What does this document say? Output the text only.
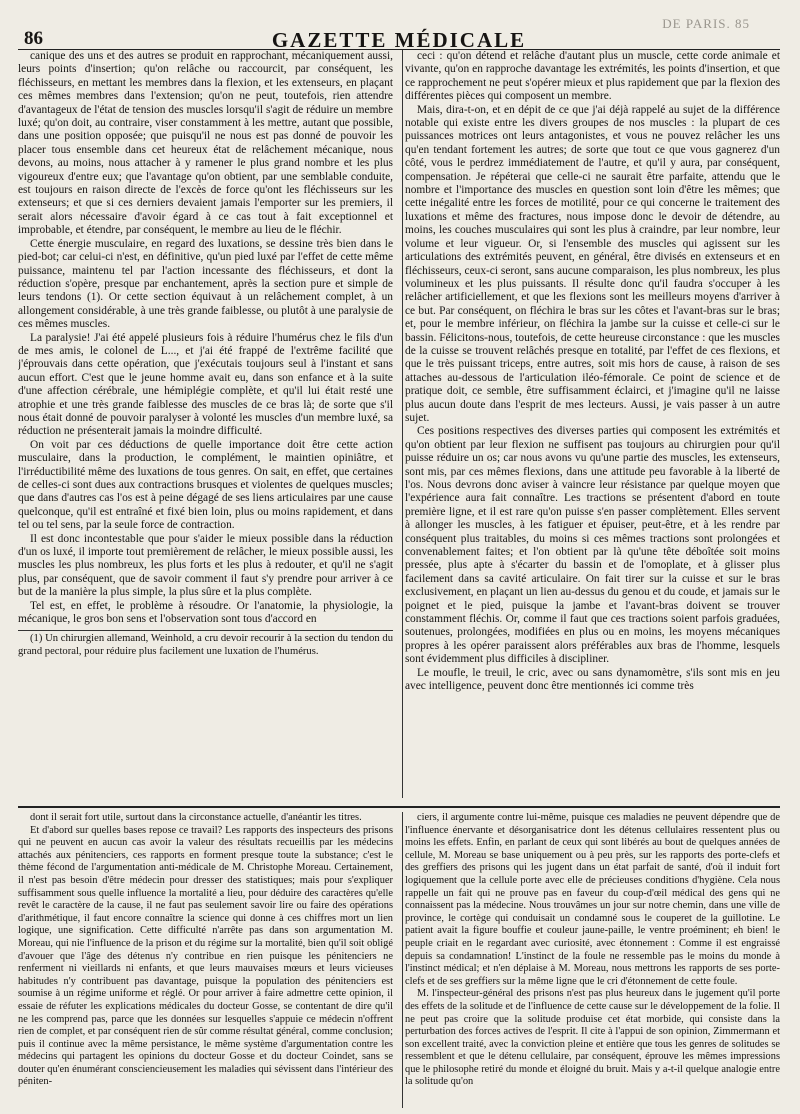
86	GAZETTE MÉDICALE
DE PARIS. 85

canique des uns et des autres se produit en rapprochant, mécaniquement aussi, leurs points d'insertion; qu'on relâche ou raccourcit, par conséquent, les fléchisseurs, en mettant les membres dans la flexion, et les extenseurs, en plaçant ces mêmes membres dans l'extension; qu'on ne peut, toutefois, rien attendre d'avantageux de l'état de tension des muscles lorsqu'il s'agit de réduire un membre luxé; qu'on doit, au contraire, viser constamment à les mettre, autant que possible, dans une position opposée; que puisqu'il ne nous est pas donné de pouvoir les placer tous ensemble dans cet heureux état de relâchement mécanique, nous devons, au moins, nous attacher à y ramener le plus grand nombre et les plus vigoureux d'entre eux; que l'avantage qu'on obtient, par une semblable conduite, est toujours en raison directe de l'excès de force qu'ont les fléchisseurs sur les extenseurs; et que si ces derniers devaient jamais l'emporter sur les premiers, il serait alors nécessaire d'avoir égard à ce cas tout à fait exceptionnel et improbable, et étendre, par conséquent, le membre au lieu de le fléchir.

Cette énergie musculaire, en regard des luxations, se dessine très bien dans le pied-bot; car celui-ci n'est, en définitive, qu'un pied luxé par l'effet de cette même puissance, maintenu tel par l'action incessante des fléchisseurs, et dont la réduction s'opère, presque par enchantement, après la section pure et simple de leurs tendons (1). Or cette section équivaut à un relâchement complet, à un allongement considérable, à une très grande faiblesse, ou plutôt à une paralysie de ces mêmes muscles.

La paralysie! J'ai été appelé plusieurs fois à réduire l'humérus chez le fils d'un de mes amis, le colonel de L..., et j'ai été frappé de l'extrême facilité que j'éprouvais dans cette opération, que j'exécutais toujours seul à l'instant et sans aucun effort. C'est que le jeune homme avait eu, dans son enfance et à la suite d'une affection cérébrale, une hémiplégie complète, et qu'il lui était resté une atrophie et une très grande faiblesse des muscles de ce bras là; de sorte que s'il nous était donné de pouvoir paralyser à volonté les muscles d'un membre luxé, sa réduction ne présenterait jamais la moindre difficulté.

On voit par ces déductions de quelle importance doit être cette action musculaire, dans la production, le complément, le maintien opiniâtre, et l'irréductibilité même des luxations de tous genres. On sait, en effet, que certaines de celles-ci sont dues aux contractions brusques et violentes de quelques muscles; que dans d'autres cas l'os est à peine dégagé de ses liens articulaires par une cause quelconque, qu'il est entraîné et fixé bien loin, plus ou moins rapidement, et dans tel ou tel sens, par la seule force de contraction.

Il est donc incontestable que pour s'aider le mieux possible dans la réduction d'un os luxé, il importe tout premièrement de relâcher, le mieux possible aussi, les muscles les plus nombreux, les plus forts et les plus à redouter, et qu'il ne s'agit plus, par conséquent, que de savoir comment il faut s'y prendre pour arriver à ce but de la manière la plus simple, la plus sûre et la plus complète.

Tel est, en effet, le problème à résoudre. Or l'anatomie, la physiologie, la mécanique, le gros bon sens et l'observation sont tous d'accord en

(1) Un chirurgien allemand, Weinhold, a cru devoir recourir à la section du tendon du grand pectoral, pour réduire plus facilement une luxation de l'humérus.

ceci : qu'on détend et relâche d'autant plus un muscle, cette corde animale et vivante, qu'on en rapproche davantage les extrémités, les points d'insertion, et que ce rapprochement ne peut s'opérer mieux et plus rapidement que par la flexion des différentes pièces qui composent un membre.

Mais, dira-t-on, et en dépit de ce que j'ai déjà rappelé au sujet de la différence notable qui existe entre les divers groupes de nos muscles : la plupart de ces puissances motrices ont leurs antagonistes, et vous ne pouvez relâcher les uns qu'en tendant fortement les autres; de sorte que tout ce que vous gagnerez d'un côté, vous le perdrez immédiatement de l'autre, et qu'il y aura, par conséquent, compensation. Je répéterai que celle-ci ne saurait être parfaite, attendu que le nombre et l'importance des muscles en question sont loin d'être les mêmes; que cette inégalité entre les forces de motilité, pour ce qui concerne le traitement des luxations et même des fractures, nous impose donc le devoir de détendre, au moins, les couches musculaires qui sont les plus à craindre, par leur nombre, leur volume et leur vigueur. Or, si l'ensemble des muscles qui agissent sur les articulations des extrémités peuvent, en général, être divisés en extenseurs et en fléchisseurs, ceux-ci seront, sans aucune comparaison, les plus nombreux, les plus volumineux et les plus puissants. Il résulte donc qu'il faudra s'occuper à les relâcher artificiellement, et que les flexions sont les meilleurs moyens d'arriver à ce but. Par conséquent, on fléchira le bras sur les côtes et l'avant-bras sur le bras; et, pour le membre inférieur, on fléchira la jambe sur la cuisse et celle-ci sur le bassin. Félicitons-nous, toutefois, de cette heureuse circonstance : que les muscles de la cuisse se trouvent relâchés presque en totalité, par l'effet de ces flexions, et que le très puissant triceps, entre autres, soit mis hors de cause, à raison de ses attaches au-dessous de l'articulation iléo-fémorale. Ce point de science et de pratique doit, ce semble, être suffisamment éclairci, et j'imagine qu'il ne laisse plus aucun doute dans l'esprit de mes lecteurs. Aussi, je vais passer à un autre sujet.

Ces positions respectives des diverses parties qui composent les extrémités et qu'on obtient par leur flexion ne suffisent pas toujours au chirurgien pour qu'il puisse réduire un os; car nous avons vu qu'une partie des muscles, les extenseurs, sont mis, par ces mêmes flexions, dans une attitude peu favorable à la liberté de l'os. Nous devrons donc aviser à vaincre leur résistance par quelque moyen que l'expérience aura fait connaître. Les tractions se présentent d'abord en toute première ligne, et il est rare qu'on puisse s'en passer complètement. Elles servent à allonger les muscles, à les fatiguer et épuiser, peut-être, et à les rendre par conséquent plus traitables, du moins si ces mêmes tractions sont prolongées et convenablement faites; et l'on obtient par là qu'une tête déboîtée soit moins pressée, plus apte à s'écarter du bassin et de l'omoplate, et à glisser plus facilement dans sa cavité articulaire. On fait tirer sur la cuisse et sur le bras exclusivement, en plaçant un lien au-dessus du genou et du coude, et jamais sur le poignet et le pied, puisque la jambe et l'avant-bras doivent se trouver constamment fléchis. Or, comme il faut que ces tractions soient parfois graduées, soutenues, prolongées, modifiées en plus ou en moins, les moyens mécaniques propres à les opérer paraissent alors préférables aux bras de l'homme, lesquels sont évidemment plus difficiles à discipliner.

Le moufle, le treuil, le cric, avec ou sans dynamomètre, s'ils sont mis en jeu avec intelligence, peuvent donc être mentionnés ici comme très

dont il serait fort utile, surtout dans la circonstance actuelle, d'anéantir les titres.

Et d'abord sur quelles bases repose ce travail? Les rapports des inspecteurs des prisons qui ne peuvent en aucun cas avoir la valeur des résultats recueillis par les médecins attachés aux pénitenciers, ces rapports en forment presque toute la substance; c'est le thème fécond de l'argumentation anti-médicale de M. Christophe Moreau. Certainement, il n'est pas besoin d'être médecin pour dresser des statistiques; mais pour s'expliquer suffisamment sous quelle influence la mortalité a lieu, pour déduire des caractères qu'elle revêt le caractère de la cause, il ne faut pas seulement savoir lire ou faire des opérations d'arithmétique, il faut encore connaître la science qui donne à ces chiffres mort un lien logique, une signification. Cette difficulté n'arrête pas dans son argumentation M. Moreau, qui nie l'influence de la prison et du régime sur la mortalité, bien qu'il soit obligé d'avouer que l'âge des détenus n'y contribue en rien puisque les pénitenciers ne renferment ni vieillards ni enfants, et que leurs mauvaises mœurs et leurs vicieuses habitudes n'y contribuent pas davantage, puisque la population des pénitenciers est soumise à un régime uniforme et réglé. Or pour arriver à faire admettre cette opinion, il essaie de réfuter les explications médicales du docteur Gosse, se contentant de dire qu'il ne les comprend pas, parce que les données sur lesquelles s'appuie ce médecin n'offrent rien de complet, et par conséquent rien de sûr comme résultat général, comme conclusion; puis il continue avec la même persistance, le même système d'argumentation contre les médecins qui partagent les opinions du docteur Gosse et du docteur Coindet, sans se douter qu'en énumérant consciencieusement les maladies qui sévissent dans l'intérieur des péniten-

ciers, il argumente contre lui-même, puisque ces maladies ne peuvent dépendre que de l'influence énervante et désorganisatrice dont les détenus cellulaires ressentent plus ou moins les effets. Enfin, en parlant de ceux qui sont libérés au bout de quelques années de cellule, M. Moreau se base uniquement ou à peu près, sur les rapports des porte-clefs et des greffiers des prisons qui les jugent dans un état parfait de santé, d'où il induit fort logiquement que la cellule porte avec elle de précieuses conditions d'hygiène. Cela nous rappelle un fait qui ne prouve pas en faveur du coup-d'œil médical des gens qui ne connaissent pas la médecine. Nous trouvâmes un jour sur notre chemin, dans une ville de province, le cortège qui conduisait un condamné sous le couperet de la guillotine. Le patient avait la figure bouffie et couleur jaune-paille, le ventre proéminent; eh bien! le peuple criait en le regardant avec curiosité, avec étonnement : Comme il est engraissé depuis sa condamnation! L'instinct de la foule ne ressemble pas le moins du monde à l'instinct médical; et n'en déplaise à M. Moreau, nous mettrons les rapports de ses porte-clefs et de ses greffiers sur la même ligne que le cri d'étonnement de cette foule.

M. l'inspecteur-général des prisons n'est pas plus heureux dans le jugement qu'il porte des effets de la solitude et de l'influence de cette cause sur le développement de la folie. Il ne peut pas croire que la solitude produise cet état morbide, qui consiste dans la perturbation des forces actives de l'esprit. Il cite à l'appui de son opinion, Zimmermann et son excellent traité, avec la conviction pleine et entière que tous les genres de solitudes se ressemblent et que le détenu cellulaire, par conséquent, éprouve les mêmes impressions que le philosophe retiré du monde et éloigné du bruit. Mais y a-t-il quelque analogie entre la solitude qu'on
